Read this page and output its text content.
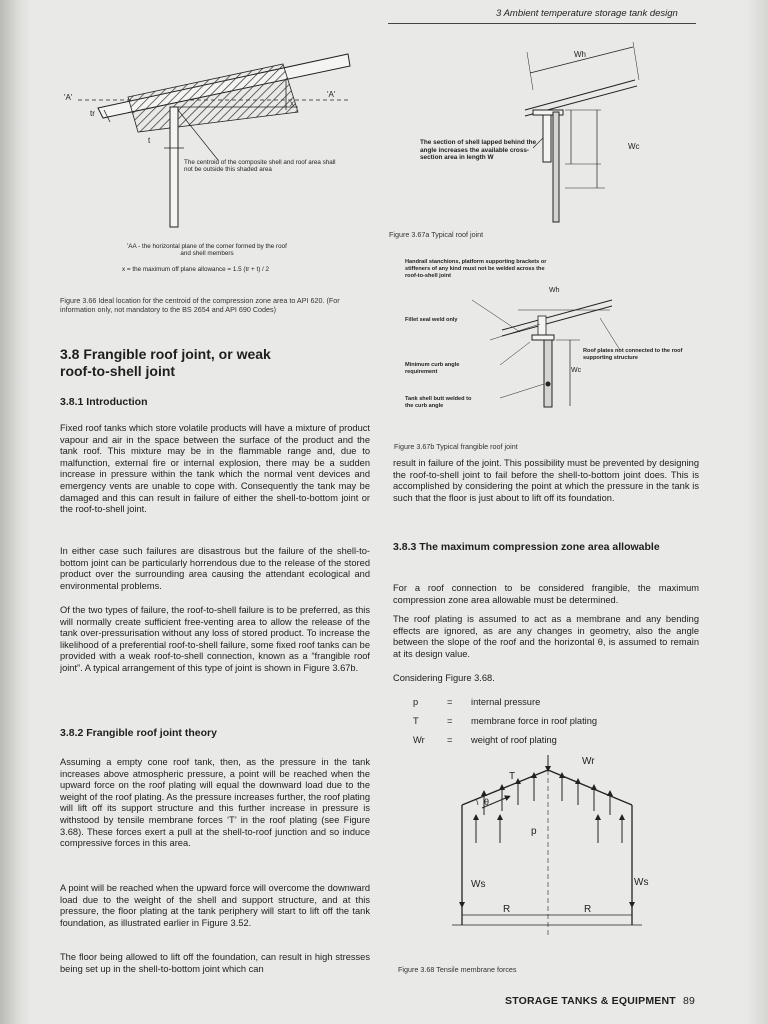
3 Ambient temperature storage tank design
'A'	'A'
tr
t
x
The centroid of the composite shell and roof area shall not be outside this shaded area
'AA - the horizontal plane of the corner formed by the roof and shell members
x = the maximum off plane allowance = 1.5 (tr + t) / 2
Figure 3.66 Ideal location for the centroid of the compression zone area to API 620. (For information only, not mandatory to the BS 2654 and API 690 Codes)
3.8 Frangible roof joint, or weak roof-to-shell joint
3.8.1 Introduction

Fixed roof tanks which store volatile products will have a mixture of product vapour and air in the space between the surface of the product and the tank roof. This mixture may be in the flammable range and, due to malfunction, external fire or internal explosion, there may be a sudden increase in pressure within the tank which the normal vent devices and emergency vents are unable to cope with. Consequently the tank may be damaged and this can result in failure of either the shell-to-bottom joint or the roof-to-shell joint.

In either case such failures are disastrous but the failure of the shell-to-bottom joint can be particularly horrendous due to the release of the stored product over the surrounding area causing the attendant ecological and environmental problems.

Of the two types of failure, the roof-to-shell failure is to be preferred, as this will normally create sufficient free-venting area to allow the release of the tank over-pressurisation without any loss of stored product. To increase the likelihood of a preferential roof-to-shell failure, some fixed roof tanks can be provided with a weak roof-to-shell connection, known as a “frangible roof joint”. A typical arrangement of this type of joint is shown in Figure 3.67b.

3.8.2 Frangible roof joint theory

Assuming a empty cone roof tank, then, as the pressure in the tank increases above atmospheric pressure, a point will be reached when the upward force on the roof plating will equal the downward load due to the weight of the roof plating. As the pressure increases further, the roof plating will lift off its support structure and this further increase in pressure is withstood by tensile membrane forces ‘T’ in the roof plating (see Figure 3.68). These forces exert a pull at the shell-to-roof junction and so induce compressive forces in this area.

A point will be reached when the upward force will overcome the downward load due to the weight of the shell and support structure, and at this pressure, the floor plating at the tank periphery will start to lift off the tank foundation, as illustrated earlier in Figure 3.52.

The floor being allowed to lift off the foundation, can result in high stresses being set up in the shell-to-bottom joint which can

Wh
Wc
The section of shell lapped behind the angle increases the available cross-section area in length W
Figure 3.67a Typical roof joint
Handrail stanchions, platform supporting brackets or stiffeners of any kind must not be welded across the roof-to-shell joint
Fillet seal weld only
Minimum curb angle requirement
Tank shell butt welded to the curb angle
Roof plates not connected to the roof supporting structure
Wh
Wc
Figure 3.67b Typical frangible roof joint

result in failure of the joint. This possibility must be prevented by designing the roof-to-shell joint to fail before the shell-to-bottom joint does. This is accomplished by considering the point at which the pressure in the tank is such that the floor is just about to lift off its foundation.

3.8.3 The maximum compression zone area allowable

For a roof connection to be considered frangible, the maximum compression zone area allowable must be determined.

The roof plating is assumed to act as a membrane and any bending effects are ignored, as are any changes in geometry, also the angle between the slope of the roof and the horizontal θ, is assumed to remain at its design value.

Considering Figure 3.68.

p	=	internal pressure
T	=	membrane force in roof plating
Wr	=	weight of roof plating
Wr
T
θ
p
Ws	Ws
R	R
Figure 3.68 Tensile membrane forces
STORAGE TANKS & EQUIPMENT 89
